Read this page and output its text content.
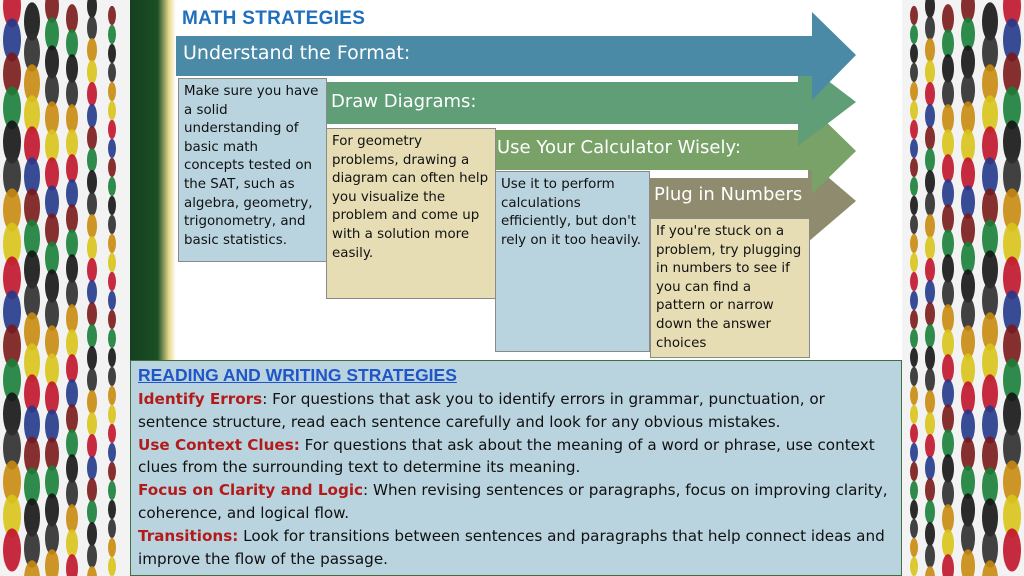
MATH STRATEGIES
Understand the Format:
Draw Diagrams:
Use Your Calculator Wisely:
Plug in Numbers
Make sure you have a solid understanding of basic math concepts tested on the SAT, such as algebra, geometry, trigonometry, and basic statistics.
For geometry problems, drawing a diagram can often help you visualize the problem and come up with a solution more easily.
Use it to perform calculations efficiently, but don't rely on it too heavily.
If you're stuck on a problem, try plugging in numbers to see if you can find a pattern or narrow down the answer choices
READING AND WRITING STRATEGIES

Identify Errors: For questions that ask you to identify errors in grammar, punctuation, or sentence structure, read each sentence carefully and look for any obvious mistakes.

Use Context Clues: For questions that ask about the meaning of a word or phrase, use context clues from the surrounding text to determine its meaning.

Focus on Clarity and Logic: When revising sentences or paragraphs, focus on improving clarity, coherence, and logical flow.

Transitions: Look for transitions between sentences and paragraphs that help connect ideas and improve the flow of the passage.
